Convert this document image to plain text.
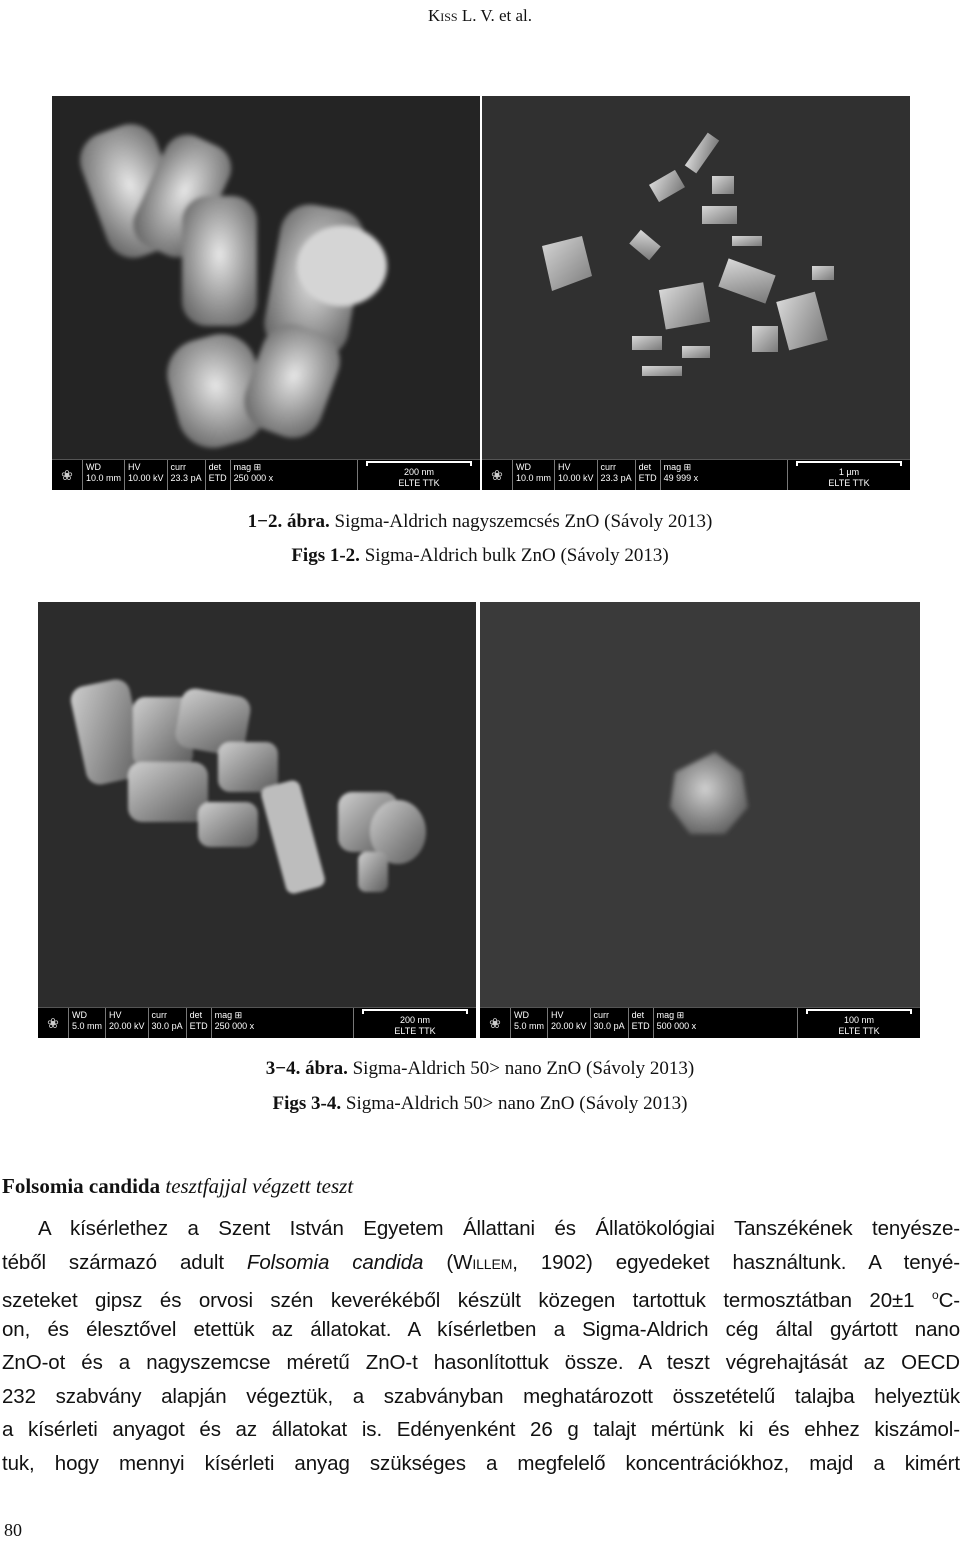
Kiss L. V. et al.
❀	WD
10.0 mm
HV
10.00 kV
curr
23.3 pA
det
ETD
mag ⊞
250 000 x
200 nm
ELTE TTK
❀	WD
10.0 mm
HV
10.00 kV
curr
23.3 pA
det
ETD
mag ⊞
49 999 x
1 µm
ELTE TTK
1−2. ábra. Sigma-Aldrich nagyszemcsés ZnO (Sávoly 2013)
Figs 1-2. Sigma-Aldrich bulk ZnO (Sávoly 2013)
❀	WD
5.0 mm
HV
20.00 kV
curr
30.0 pA
det
ETD
mag ⊞
250 000 x
200 nm
ELTE TTK
❀	WD
5.0 mm
HV
20.00 kV
curr
30.0 pA
det
ETD
mag ⊞
500 000 x
100 nm
ELTE TTK
3−4. ábra. Sigma-Aldrich 50> nano ZnO (Sávoly 2013)
Figs 3-4. Sigma-Aldrich 50> nano ZnO (Sávoly 2013)
Folsomia candida tesztfajjal végzett teszt
A kísérlethez a Szent István Egyetem Állattani és Állatökológiai Tanszékének tenyésze-
téből származó adult Folsomia candida (Willem, 1902) egyedeket használtunk. A tenyé-
szeteket gipsz és orvosi szén keverékéből készült közegen tartottuk termosztátban 20±1 $^o$C-
on, és élesztővel etettük az állatokat. A kísérletben a Sigma-Aldrich cég által gyártott nano
ZnO-ot és a nagyszemcse méretű ZnO-t hasonlítottuk össze. A teszt végrehajtását az OECD
232 szabvány alapján végeztük, a szabványban meghatározott összetételű talajba helyeztük
a kísérleti anyagot és az állatokat is. Edényenként 26 g talajt mértünk ki és ehhez kiszámol-
tuk, hogy mennyi kísérleti anyag szükséges a megfelelő koncentrációkhoz, majd a kimért
80
